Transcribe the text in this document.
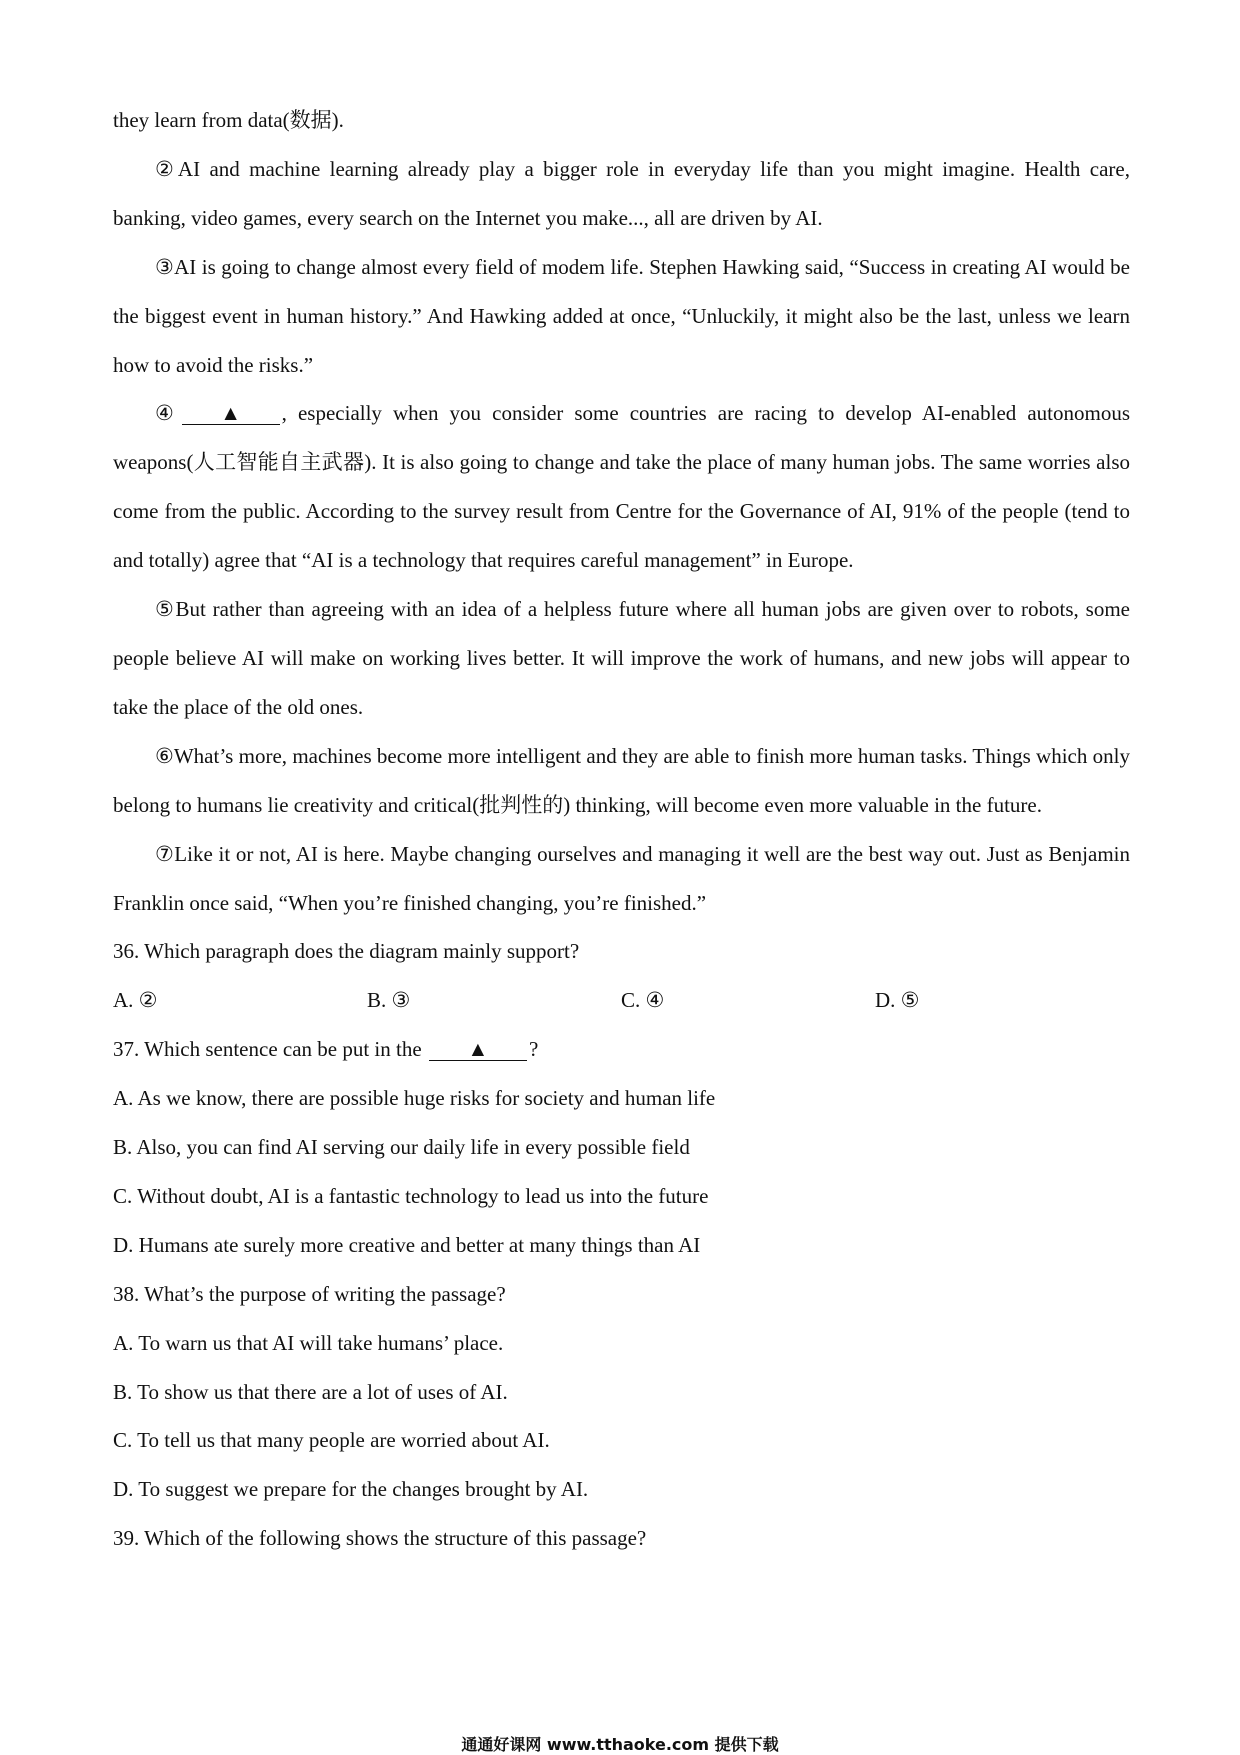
they learn from data(数据).

②AI and machine learning already play a bigger role in everyday life than you might imagine. Health care, banking, video games, every search on the Internet you make..., all are driven by AI.

③AI is going to change almost every field of modem life. Stephen Hawking said, “Success in creating AI would be the biggest event in human history.” And Hawking added at once, “Unluckily, it might also be the last, unless we learn how to avoid the risks.”

④ ▲ , especially when you consider some countries are racing to develop AI-enabled autonomous weapons(人工智能自主武器). It is also going to change and take the place of many human jobs. The same worries also come from the public. According to the survey result from Centre for the Governance of AI, 91% of the people (tend to and totally) agree that “AI is a technology that requires careful management” in Europe.

⑤But rather than agreeing with an idea of a helpless future where all human jobs are given over to robots, some people believe AI will make on working lives better. It will improve the work of humans, and new jobs will appear to take the place of the old ones.

⑥What’s more, machines become more intelligent and they are able to finish more human tasks. Things which only belong to humans lie creativity and critical(批判性的) thinking, will become even more valuable in the future.

⑦Like it or not, AI is here. Maybe changing ourselves and managing it well are the best way out. Just as Benjamin Franklin once said, “When you’re finished changing, you’re finished.”

36. Which paragraph does the diagram mainly support?

A. ②	B. ③	C. ④	D. ⑤

37. Which sentence can be put in the ▲ ?

A. As we know, there are possible huge risks for society and human life

B. Also, you can find AI serving our daily life in every possible field

C. Without doubt, AI is a fantastic technology to lead us into the future

D. Humans ate surely more creative and better at many things than AI

38. What’s the purpose of writing the passage?

A. To warn us that AI will take humans’ place.

B. To show us that there are a lot of uses of AI.

C. To tell us that many people are worried about AI.

D. To suggest we prepare for the changes brought by AI.

39. Which of the following shows the structure of this passage?

通通好课网 www.tthaoke.com 提供下载
